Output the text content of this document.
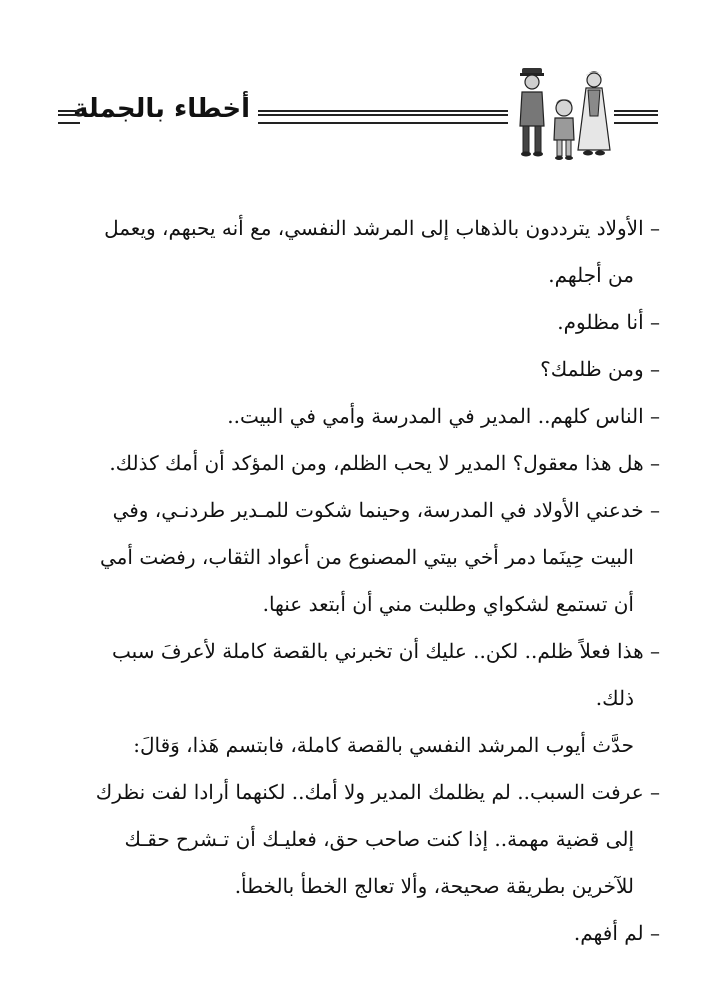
أخطاء بالجملة
– الأولاد يترددون بالذهاب إلى المرشد النفسي، مع أنه يحبهم، ويعمل
من أجلهم.
– أنا مظلوم.
– ومن ظلمك؟
– الناس كلهم.. المدير في المدرسة وأمي في البيت..
– هل هذا معقول؟ المدير لا يحب الظلم، ومن المؤكد أن أمك كذلك.
– خدعني الأولاد في المدرسة، وحينما شكوت للمـدير طردنـي، وفي
البيت حِينَما دمر أخي بيتي المصنوع من أعواد الثقاب، رفضت أمي
أن تستمع لشكواي وطلبت مني أن أبتعد عنها.
– هذا فعلاً ظلم.. لكن.. عليك أن تخبرني بالقصة كاملة لأعرفَ سبب
ذلك.
حدَّث أيوب المرشد النفسي بالقصة كاملة، فابتسم هَذا، وَقالَ:
– عرفت السبب.. لم يظلمك المدير ولا أمك.. لكنهما أرادا لفت نظرك
إلى قضية مهمة.. إذا كنت صاحب حق، فعليـك أن تـشرح حقـك
للآخرين بطريقة صحيحة، وألا تعالج الخطأ بالخطأ.
– لم أفهم.
